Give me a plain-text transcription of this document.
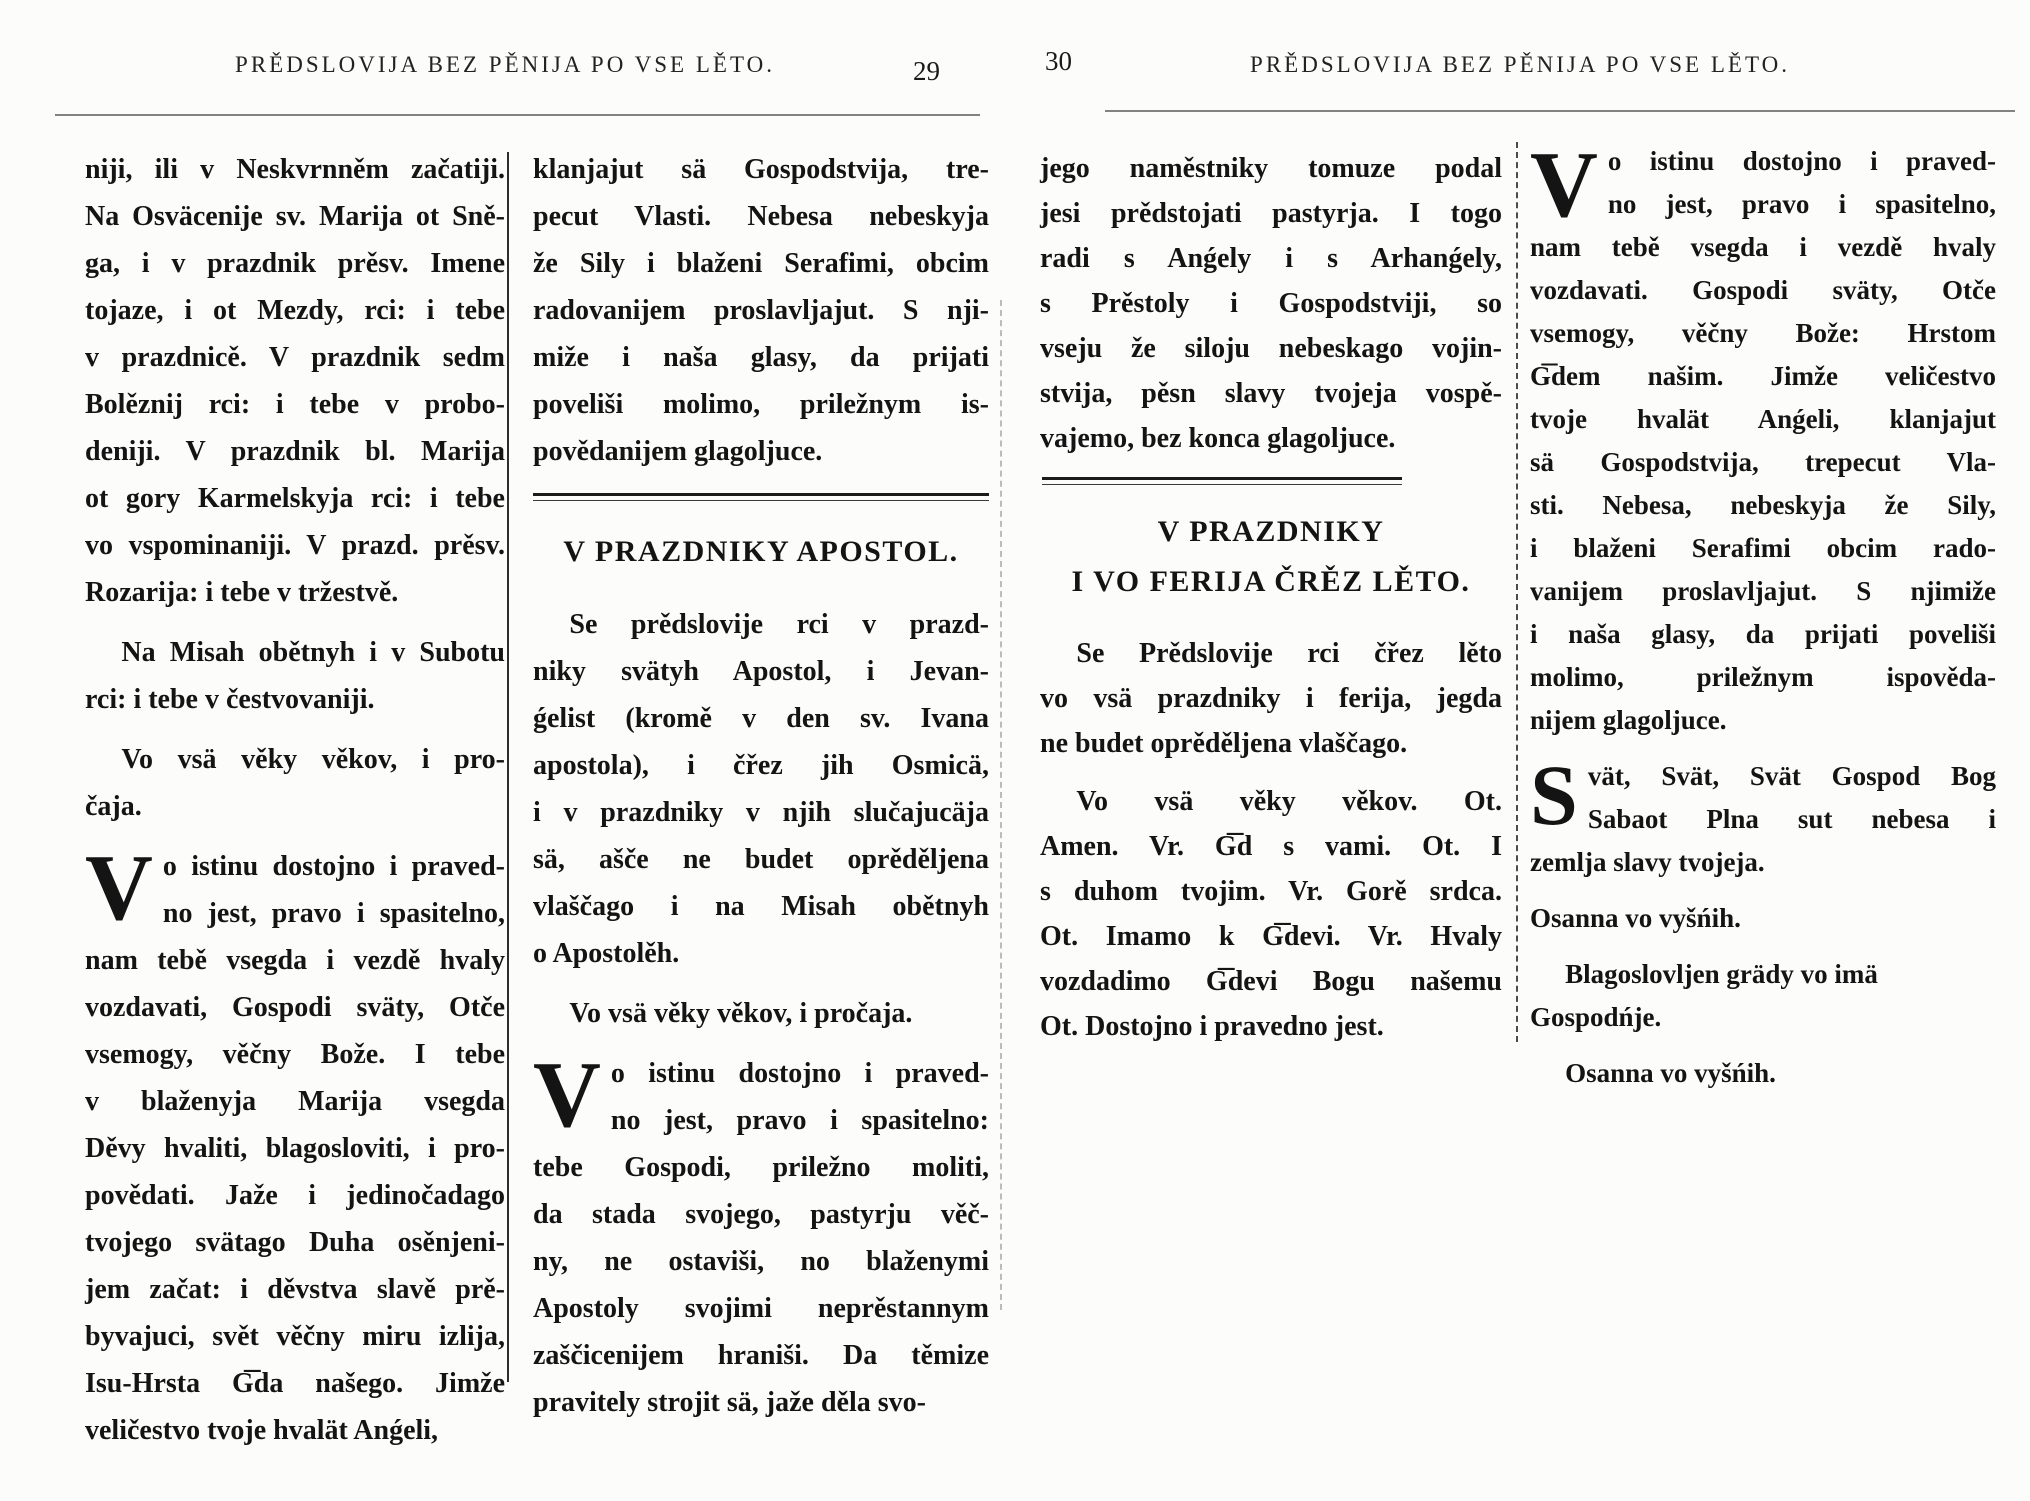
PRĚDSLOVIJA BEZ PĚNIJA PO VSE LĚTO.	29
niji, ili v Neskvrnněm začatiji.
Na Osväcenije sv. Marija ot Sně-
ga, i v prazdnik prěsv. Imene
tojaze, i ot Mezdy, rci: i tebe
v prazdnicě. V prazdnik sedm
Bolěznij rci: i tebe v probo-
deniji. V prazdnik bl. Marija
ot gory Karmelskyja rci: i tebe
vo vspominaniji. V prazd. prěsv.
Rozarija: i tebe v tržestvě.
Na Misah obětnyh i v Subotu
rci: i tebe v čestvovaniji.
Vo vsä věky věkov, i pro-
čaja.
V o istinu dostojno i praved-
no jest, pravo i spasitelno,
nam tebě vsegda i vezdě hvaly
vozdavati, Gospodi sväty, Otče
vsemogy, věčny Bože. I tebe
v blaženyja Marija vsegda
Děvy hvaliti, blagosloviti, i pro-
povědati. Jaže i jedinočadago
tvojego svätago Duha osěnjeni-
jem začat: i děvstva slavě prě-
byvajuci, svět věčny miru izlija,
Isu-Hrsta G͞da našego. Jimže
veličestvo tvoje hvalät Anǵeli,
klanjajut sä Gospodstvija, tre-
pecut Vlasti. Nebesa nebeskyja
že Sily i blaženi Serafimi, obcim
radovanijem proslavljajut. S nji-
miže i naša glasy, da prijati
poveliši molimo, priležnym is-
povědanijem glagoljuce.
V PRAZDNIKY APOSTOL.
Se prědslovije rci v prazd-
niky svätyh Apostol, i Jevan-
ǵelist (kromě v den sv. Ivana
apostola), i čřez jih Osmicä,
i v prazdniky v njih slučajucäja
sä, ašče ne budet oprěděljena
vlaščago i na Misah obětnyh
o Apostolěh.
Vo vsä věky věkov, i pročaja.
V o istinu dostojno i praved-
no jest, pravo i spasitelno:
tebe Gospodi, priležno moliti,
da stada svojego, pastyrju věč-
ny, ne ostaviši, no blaženymi
Apostoly svojimi neprěstannym
zaščicenijem hraniši. Da těmize
pravitely strojit sä, jaže děla svo-
30	PRĚDSLOVIJA BEZ PĚNIJA PO VSE LĚTO.
jego naměstniky tomuze podal
jesi prědstojati pastyrja. I togo
radi s Anǵely i s Arhanǵely,
s Prěstoly i Gospodstviji, so
vseju že siloju nebeskago vojin-
stvija, pěsn slavy tvojeja vospě-
vajemo, bez konca glagoljuce.
V PRAZDNIKY
I VO FERIJA ČRĚZ LĚTO.
Se Prědslovije rci čřez lěto
vo vsä prazdniky i ferija, jegda
ne budet oprěděljena vlaščago.
Vo vsä věky věkov. Ot.
Amen. Vr. G͞d s vami. Ot. I
s duhom tvojim. Vr. Gorě srdca.
Ot. Imamo k G͞devi. Vr. Hvaly
vozdadimo G͞devi Bogu našemu
Ot. Dostojno i pravedno jest.
V o istinu dostojno i praved-
no jest, pravo i spasitelno,
nam tebě vsegda i vezdě hvaly
vozdavati. Gospodi sväty, Otče
vsemogy, věčny Bože: Hrstom
G͞dem našim. Jimže veličestvo
tvoje hvalät Anǵeli, klanjajut
sä Gospodstvija, trepecut Vla-
sti. Nebesa, nebeskyja že Sily,
i blaženi Serafimi obcim rado-
vanijem proslavljajut. S njimiže
i naša glasy, da prijati poveliši
molimo, priležnym ispověda-
nijem glagoljuce.
S vät, Svät, Svät Gospod Bog
Sabaot Plna sut nebesa i
zemlja slavy tvojeja.
Osanna vo vyšńih.
Blagoslovljen grädy vo imä
Gospodńje.
Osanna vo vyšńih.
